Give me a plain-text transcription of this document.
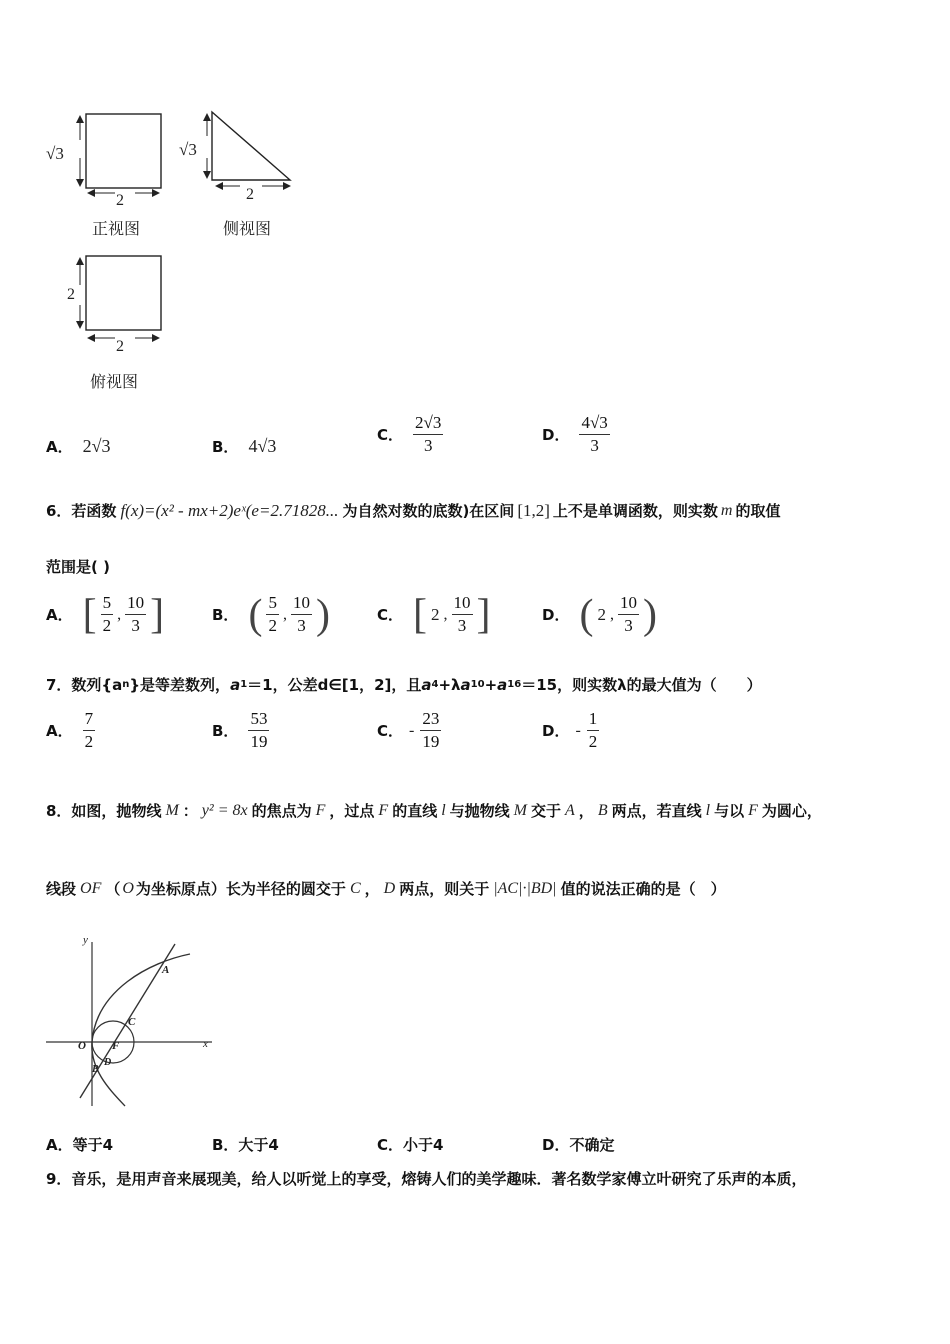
√3
2
正视图
√3
2
侧视图
2
2
俯视图
A． 2√3	B． 4√3
C． $\frac{2√3}{3}$	D． $\frac{4√3}{3}$
6．若函数 f(x)=(x² - mx+2)eˣ(e=2.71828... 为自然对数的底数)在区间 [1,2] 上不是单调函数，则实数 m 的取值
范围是( )
A． [ $\frac{5}{2}$ , $\frac{10}{3}$ ]	B． ( $\frac{5}{2}$ , $\frac{10}{3}$ )	C． [ 2 , $\frac{10}{3}$ ]	D． ( 2 , $\frac{10}{3}$ )
7．数列{a n }是等差数列， a 1 ＝1，公差d∈[1，2]，且 a 4 +λ a 10 + a 16 ＝15，则实数λ的最大值为（　　）
A． $\frac{7}{2}$	B． $\frac{53}{19}$	C． - $\frac{23}{19}$	D． - $\frac{1}{2}$
8．如图，抛物线 M ： y² = 8x 的焦点为 F ，过点 F 的直线 l 与抛物线 M 交于 A ， B 两点，若直线 l 与以 F 为圆心，
线段 OF （ O 为坐标原点）长为半径的圆交于 C ， D 两点，则关于 |AC|·|BD| 值的说法正确的是（　）
y
x
O F
A
C
B
D
A．等于4	B．大于4	C．小于4	D．不确定
9．音乐，是用声音来展现美，给人以听觉上的享受，熔铸人们的美学趣味．著名数学家傅立叶研究了乐声的本质，
